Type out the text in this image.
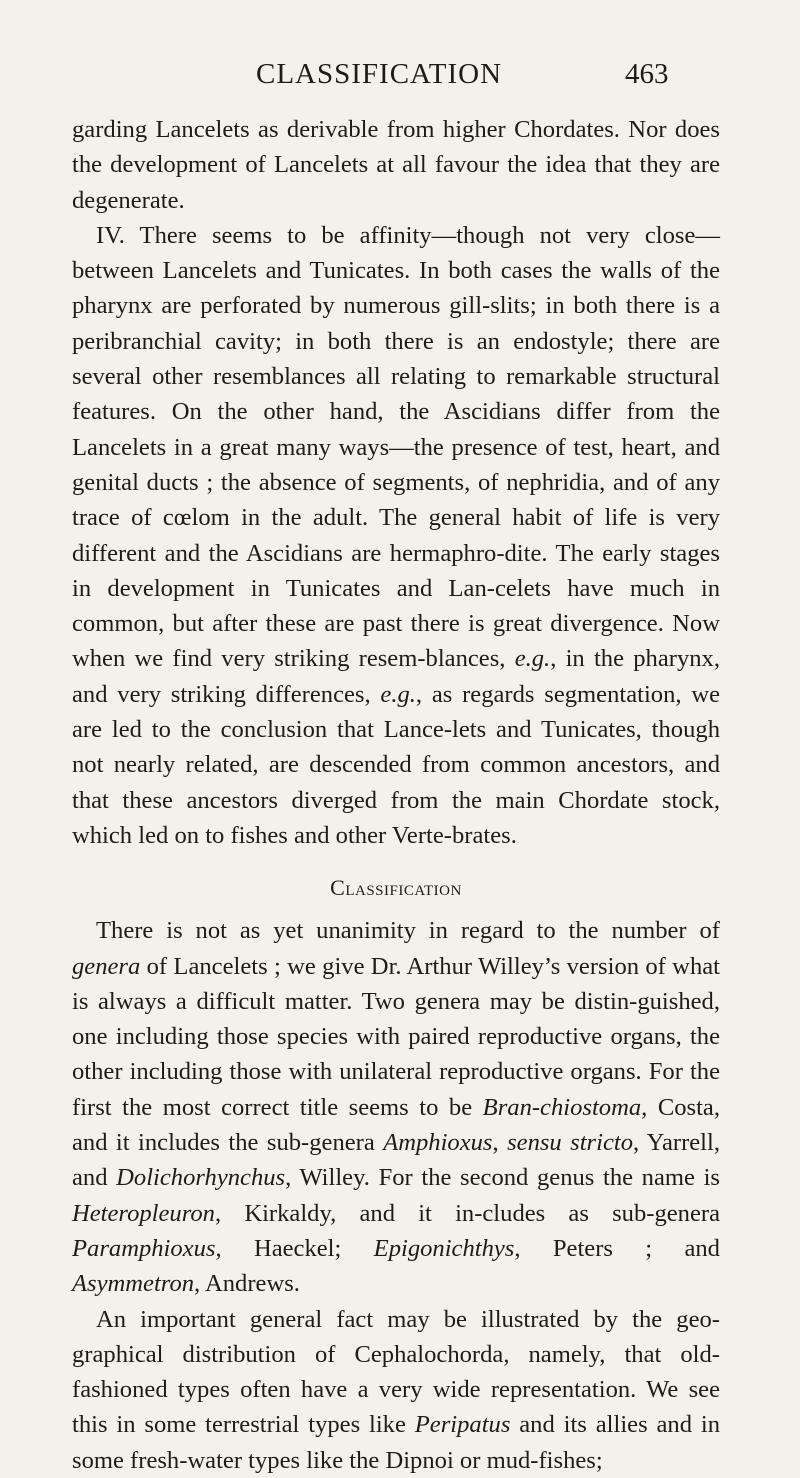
CLASSIFICATION	463

garding Lancelets as derivable from higher Chordates. Nor does the development of Lancelets at all favour the idea that they are degenerate.

IV. There seems to be affinity—though not very close—between Lancelets and Tunicates. In both cases the walls of the pharynx are perforated by numerous gill-slits; in both there is a peribranchial cavity; in both there is an endostyle; there are several other resemblances all relating to remarkable structural features. On the other hand, the Ascidians differ from the Lancelets in a great many ways—the presence of test, heart, and genital ducts ; the absence of segments, of nephridia, and of any trace of cœlom in the adult. The general habit of life is very different and the Ascidians are hermaphro-dite. The early stages in development in Tunicates and Lan-celets have much in common, but after these are past there is great divergence. Now when we find very striking resem-blances, e.g., in the pharynx, and very striking differences, e.g., as regards segmentation, we are led to the conclusion that Lance-lets and Tunicates, though not nearly related, are descended from common ancestors, and that these ancestors diverged from the main Chordate stock, which led on to fishes and other Verte-brates.

Classification

There is not as yet unanimity in regard to the number of genera of Lancelets ; we give Dr. Arthur Willey’s version of what is always a difficult matter. Two genera may be distin-guished, one including those species with paired reproductive organs, the other including those with unilateral reproductive organs. For the first the most correct title seems to be Bran-chiostoma, Costa, and it includes the sub-genera Amphioxus, sensu stricto, Yarrell, and Dolichorhynchus, Willey. For the second genus the name is Heteropleuron, Kirkaldy, and it in-cludes as sub-genera Paramphioxus, Haeckel; Epigonichthys, Peters ; and Asymmetron, Andrews.

An important general fact may be illustrated by the geo-graphical distribution of Cephalochorda, namely, that old-fashioned types often have a very wide representation. We see this in some terrestrial types like Peripatus and its allies and in some fresh-water types like the Dipnoi or mud-fishes;
